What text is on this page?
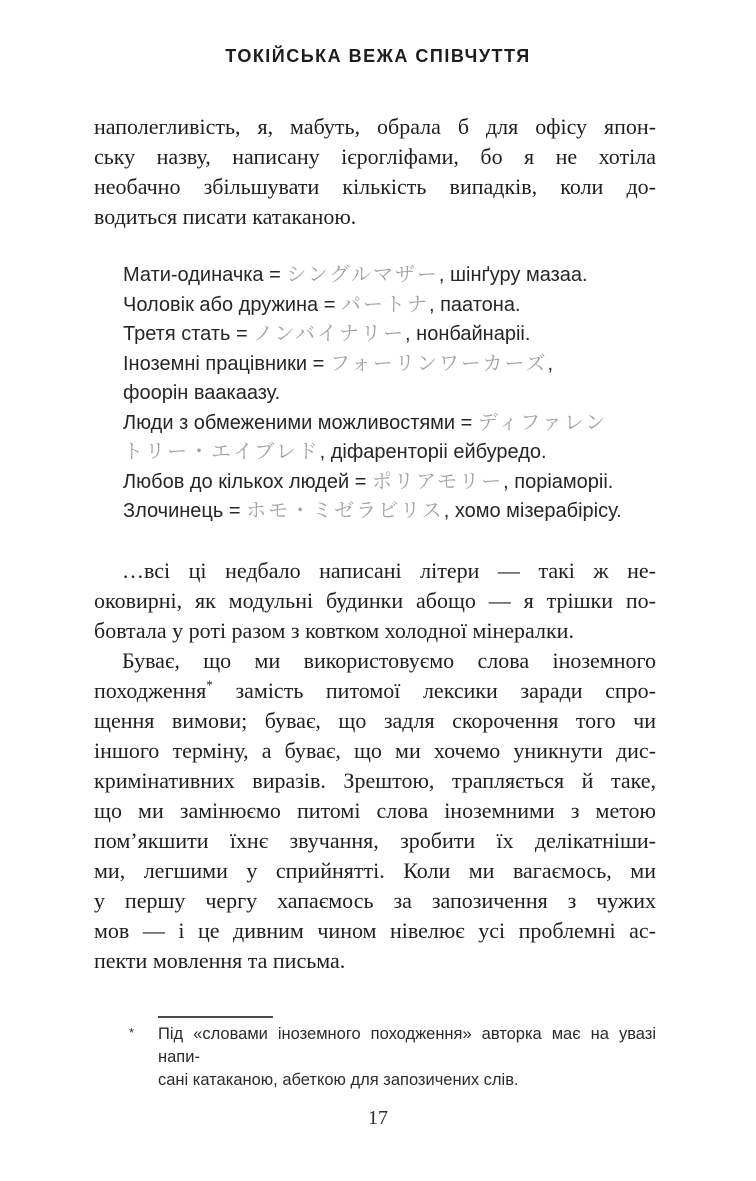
ТОКІЙСЬКА ВЕЖА СПІВЧУТТЯ
наполегливість, я, мабуть, обрала б для офісу япон-
ську назву, написану ієрогліфами, бо я не хотіла
необачно збільшувати кількість випадків, коли до-
водиться писати катаканою.
Мати-одиначка = シングルマザー, шінґуру мазаа.
Чоловік або дружина = パートナ, паатона.
Третя стать = ノンバイナリー, нонбайнаріі.
Іноземні працівники = フォーリンワーカーズ,
фоорін ваакаазу.
Люди з обмеженими можливостями = ディファレン
トリー・エイブレド, діфаренторіі ейбуредо.
Любов до кількох людей = ポリアモリー, поріаморіі.
Злочинець = ホモ・ミゼラビリス, хомо мізерабірісу.
…всі ці недбало написані літери — такі ж не-
оковирні, як модульні будинки абощо — я трішки по-
бовтала у роті разом з ковтком холодної мінералки.
Буває, що ми використовуємо слова іноземного
походження* замість питомої лексики заради спро-
щення вимови; буває, що задля скорочення того чи
іншого терміну, а буває, що ми хочемо уникнути дис-
кримінативних виразів. Зрештою, трапляється й таке,
що ми замінюємо питомі слова іноземними з метою
пом’якшити їхнє звучання, зробити їх делікатніши-
ми, легшими у сприйнятті. Коли ми вагаємось, ми
у першу чергу хапаємось за запозичення з чужих
мов — і це дивним чином нівелює усі проблемні ас-
пекти мовлення та письма.
*	Під «словами іноземного походження» авторка має на увазі напи-
сані катаканою, абеткою для запозичених слів.
17
